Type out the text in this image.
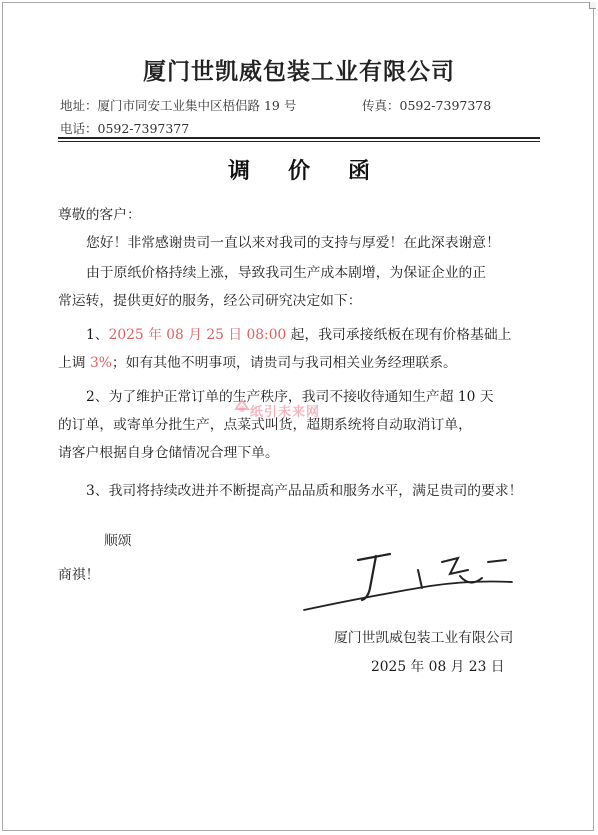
厦门世凯威包装工业有限公司
地址：厦门市同安工业集中区梧侣路 19 号	传真：0592-7397378
电话：0592-7397377
调价函
尊敬的客户：
您好！非常感谢贵司一直以来对我司的支持与厚爱！在此深表谢意！
由于原纸价格持续上涨，导致我司生产成本剧增，为保证企业的正
常运转，提供更好的服务，经公司研究决定如下：
1、2025 年 08 月 25 日 08:00 起，我司承接纸板在现有价格基础上
上调 3%；如有其他不明事项，请贵司与我司相关业务经理联系。
2、为了维护正常订单的生产秩序，我司不接收待通知生产超 10 天
的订单，或寄单分批生产，点菜式叫货，超期系统将自动取消订单，
请客户根据自身仓储情况合理下单。
3、我司将持续改进并不断提高产品品质和服务水平，满足贵司的要求！
纸引未来网
顺颂
商祺！
厦门世凯威包装工业有限公司
2025 年 08 月 23 日
